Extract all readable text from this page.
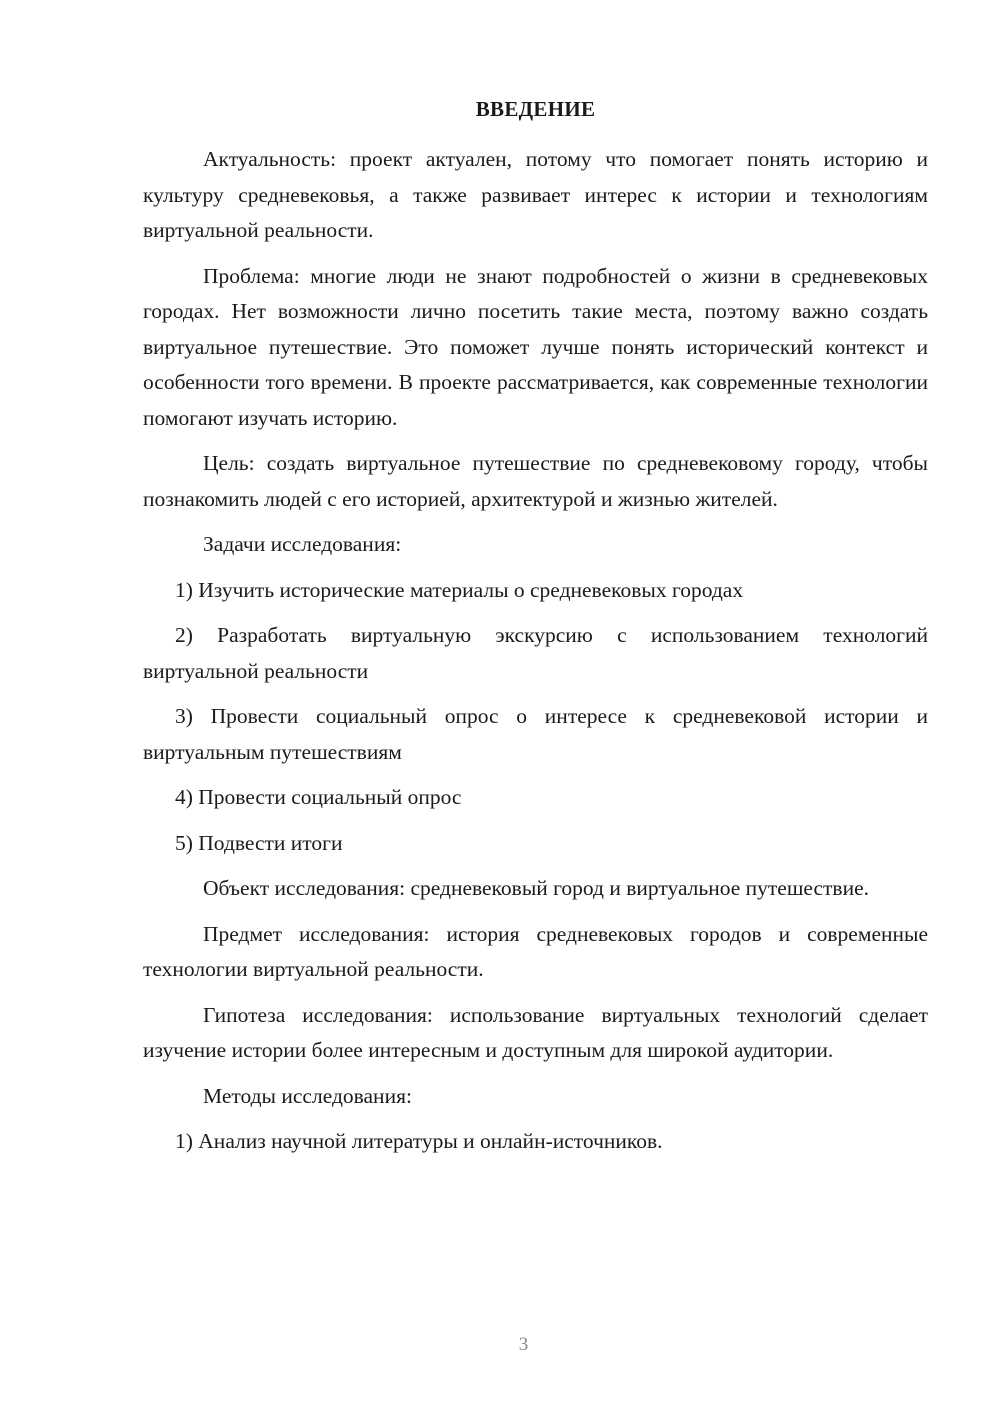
ВВЕДЕНИЕ

Актуальность: проект актуален, потому что помогает понять историю и культуру средневековья, а также развивает интерес к истории и технологиям виртуальной реальности.

Проблема: многие люди не знают подробностей о жизни в средневековых городах. Нет возможности лично посетить такие места, поэтому важно создать виртуальное путешествие. Это поможет лучше понять исторический контекст и особенности того времени. В проекте рассматривается, как современные технологии помогают изучать историю.

Цель: создать виртуальное путешествие по средневековому городу, чтобы познакомить людей с его историей, архитектурой и жизнью жителей.

Задачи исследования:

1) Изучить исторические материалы о средневековых городах

2) Разработать виртуальную экскурсию с использованием технологий виртуальной реальности

3) Провести социальный опрос о интересе к средневековой истории и виртуальным путешествиям

4) Провести социальный опрос

5) Подвести итоги

Объект исследования: средневековый город и виртуальное путешествие.

Предмет исследования: история средневековых городов и современные технологии виртуальной реальности.

Гипотеза исследования: использование виртуальных технологий сделает изучение истории более интересным и доступным для широкой аудитории.

Методы исследования:

1) Анализ научной литературы и онлайн-источников.

3
